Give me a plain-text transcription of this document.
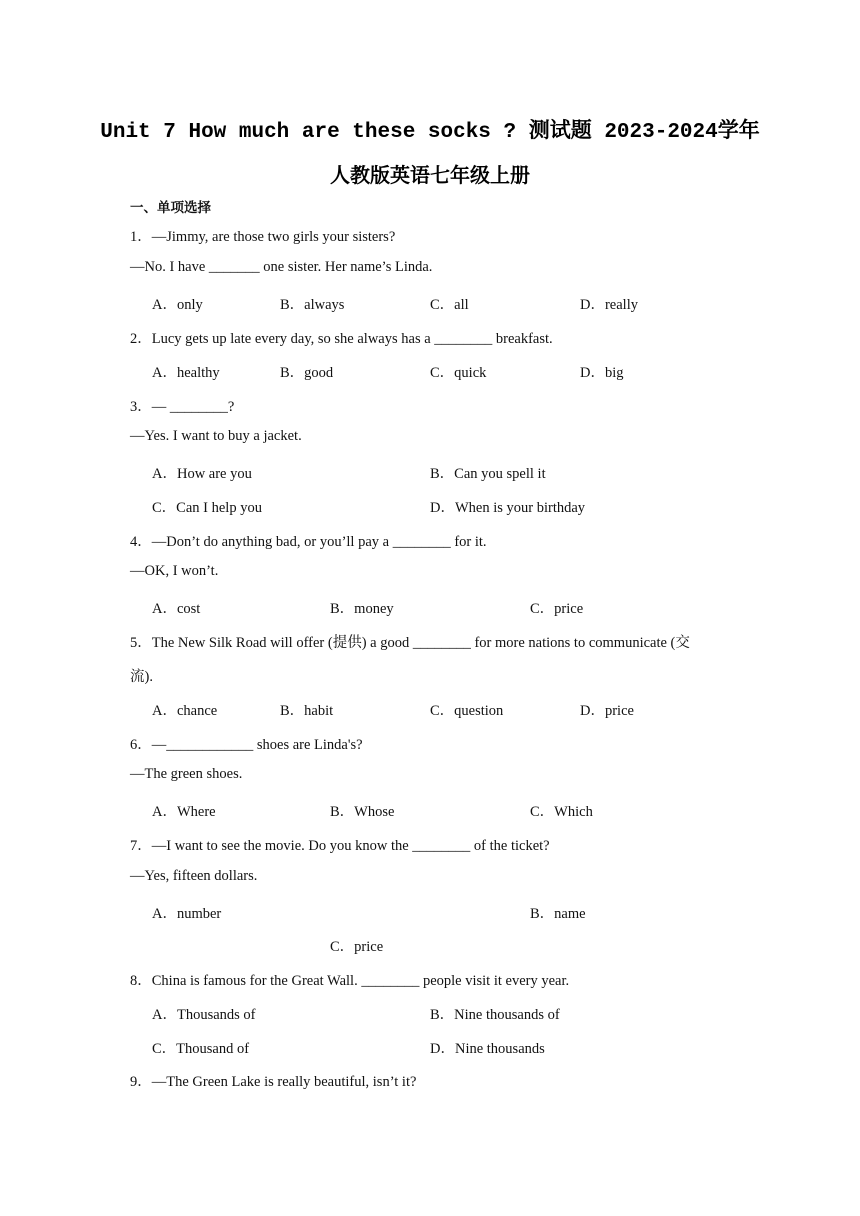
Unit 7 How much are these socks ? 测试题 2023-2024学年
人教版英语七年级上册
一、单项选择
1．—Jimmy, are those two girls your sisters?
—No. I have _______ one sister. Her name’s Linda.
A．only	B．always	C．all	D．really
2．Lucy gets up late every day, so she always has a ________ breakfast.
A．healthy	B．good	C．quick	D．big
3．— ________?
—Yes. I want to buy a jacket.
A．How are you	B．Can you spell it
C．Can I help you	D．When is your birthday
4．—Don’t do anything bad, or you’ll pay a ________ for it.
—OK, I won’t.
A．cost	B．money	C．price
5．The New Silk Road will offer (提供) a good ________ for more nations to communicate (交
流).
A．chance	B．habit	C．question	D．price
6．—____________ shoes are Linda's?
—The green shoes.
A．Where	B．Whose	C．Which
7．—I want to see the movie. Do you know the ________ of the ticket?
—Yes, fifteen dollars.
A．number	B．name
C．price
8．China is famous for the Great Wall. ________ people visit it every year.
A．Thousands of	B．Nine thousands of
C．Thousand of	D．Nine thousands
9．—The Green Lake is really beautiful, isn’t it?
